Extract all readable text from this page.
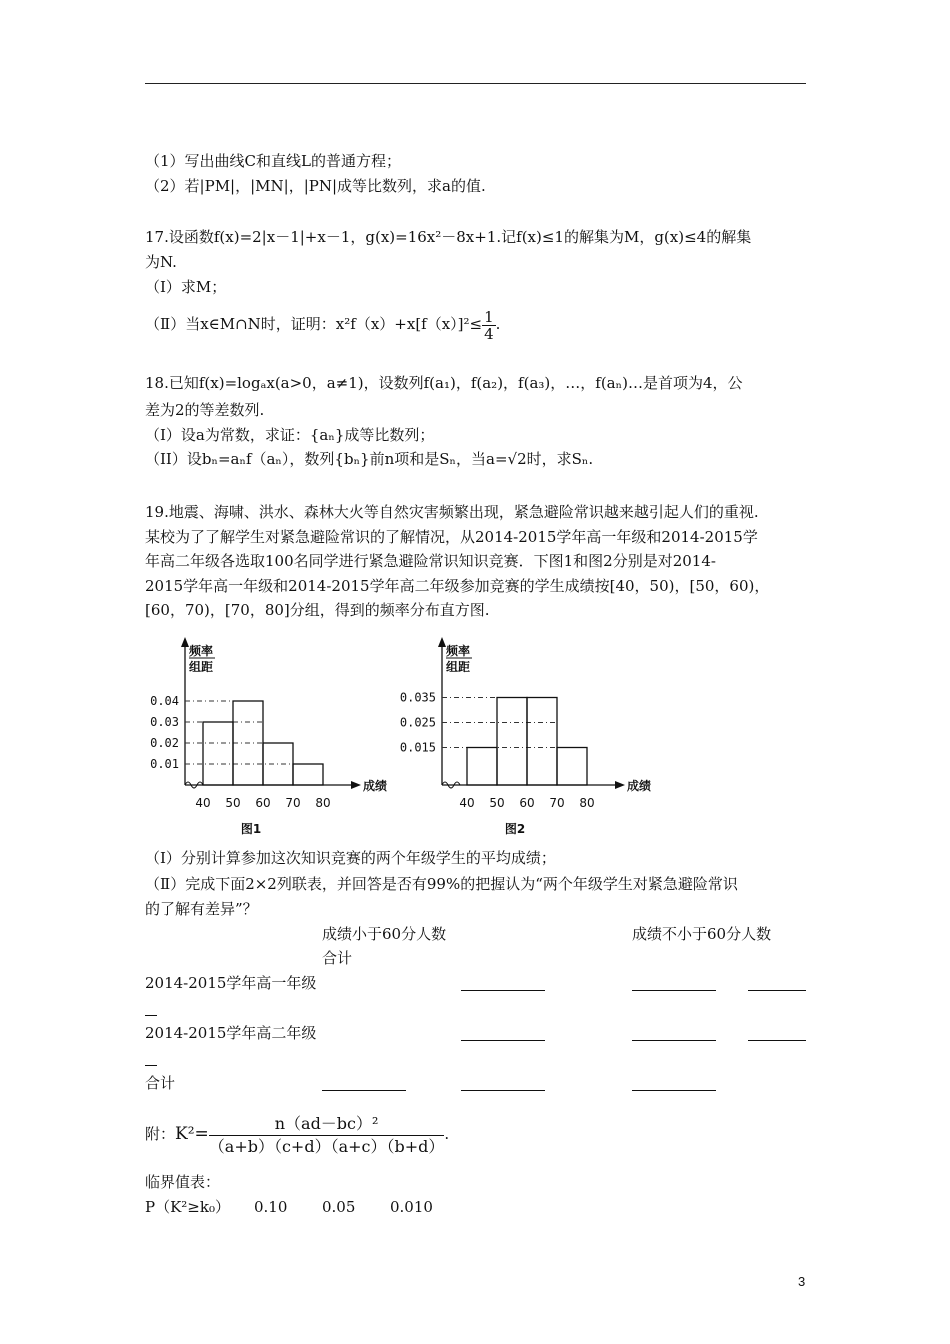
（1）写出曲线C和直线L的普通方程；
（2）若|PM|，|MN|，|PN|成等比数列，求a的值.
17.设函数f(x)=2|x－1|+x－1，g(x)=16x²－8x+1.记f(x)≤1的解集为M，g(x)≤4的解集
为N.
（Ⅰ）求M；
（Ⅱ）当x∈M∩N时，证明：$x^2f(x)+x[f(x)]^2\le \frac{1}{4}$ .
18.已知f(x)=logₐx(a>0，a≠1)，设数列f(a₁)，f(a₂)，f(a₃)，…，f(aₙ)…是首项为4，公
差为2的等差数列.
（I）设a为常数，求证：{aₙ}成等比数列；
（II）设bₙ=aₙf（aₙ），数列{bₙ}前n项和是Sₙ，当a=√2时，求Sₙ.
19.地震、海啸、洪水、森林大火等自然灾害频繁出现，紧急避险常识越来越引起人们的重视.
某校为了了解学生对紧急避险常识的了解情况，从2014-2015学年高一年级和2014-2015学
年高二年级各选取100名同学进行紧急避险常识知识竞赛．下图1和图2分别是对2014-
2015学年高一年级和2014-2015学年高二年级参加竞赛的学生成绩按[40，50)，[50，60)，
[60，70)，[70，80]分组，得到的频率分布直方图.
频率
组距
成绩
0.04
0.03
0.02
0.01
40 50 60 70 80
图1
频率
组距
成绩
0.035
0.025
0.015
40 50 60 70 80
图2
（Ⅰ）分别计算参加这次知识竞赛的两个年级学生的平均成绩；
（Ⅱ）完成下面2×2列联表，并回答是否有99%的把握认为“两个年级学生对紧急避险常识
的了解有差异”？
成绩小于60分人数	成绩不小于60分人数
合计
2014-2015学年高一年级
2014-2015学年高二年级
合计
附：$K^2= \frac{\text{n（ad－bc）²}}{(a+b)(c+d)(a+c)(b+d)}$ .
临界值表：
P（K²≥k₀） 0.10 0.05 0.010
3
